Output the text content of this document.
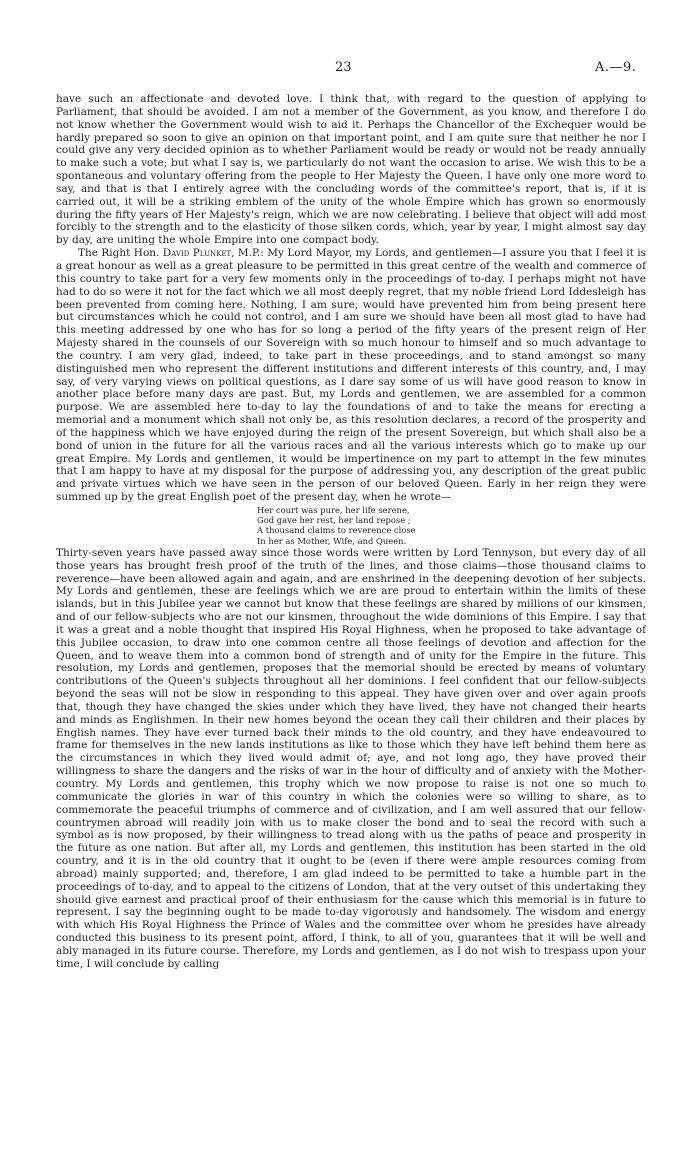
23	A.—9.

have such an affectionate and devoted love. I think that, with regard to the question of applying to Parliament, that should be avoided. I am not a member of the Government, as you know, and therefore I do not know whether the Government would wish to aid it. Perhaps the Chancellor of the Exchequer would be hardly prepared so soon to give an opinion on that important point, and I am quite sure that neither he nor I could give any very decided opinion as to whether Parliament would be ready or would not be ready annually to make such a vote; but what I say is, we particularly do not want the occasion to arise. We wish this to be a spontaneous and voluntary offering from the people to Her Majesty the Queen. I have only one more word to say, and that is that I entirely agree with the concluding words of the committee's report, that is, if it is carried out, it will be a striking emblem of the unity of the whole Empire which has grown so enormously during the fifty years of Her Majesty's reign, which we are now celebrating. I believe that object will add most forcibly to the strength and to the elasticity of those silken cords, which, year by year, I might almost say day by day, are uniting the whole Empire into one compact body.

The Right Hon. David Plunket, M.P.: My Lord Mayor, my Lords, and gentlemen—I assure you that I feel it is a great honour as well as a great pleasure to be permitted in this great centre of the wealth and commerce of this country to take part for a very few moments only in the proceedings of to-day. I perhaps might not have had to do so were it not for the fact which we all most deeply regret, that my noble friend Lord Iddesleigh has been prevented from coming here. Nothing, I am sure, would have prevented him from being present here but circumstances which he could not control, and I am sure we should have been all most glad to have had this meeting addressed by one who has for so long a period of the fifty years of the present reign of Her Majesty shared in the counsels of our Sovereign with so much honour to himself and so much advantage to the country. I am very glad, indeed, to take part in these proceedings, and to stand amongst so many distinguished men who represent the different institutions and different interests of this country, and, I may say, of very varying views on political questions, as I dare say some of us will have good reason to know in another place before many days are past. But, my Lords and gentlemen, we are assembled for a common purpose. We are assembled here to-day to lay the foundations of and to take the means for erecting a memorial and a monument which shall not only be, as this resolution declares, a record of the prosperity and of the happiness which we have enjoyed during the reign of the present Sovereign, but which shall also be a bond of union in the future for all the various races and all the various interests which go to make up our great Empire. My Lords and gentlemen, it would be impertinence on my part to attempt in the few minutes that I am happy to have at my disposal for the purpose of addressing you, any description of the great public and private virtues which we have seen in the person of our beloved Queen. Early in her reign they were summed up by the great English poet of the present day, when he wrote—

Her court was pure, her life serene,
God gave her rest, her land repose ;
A thousand claims to reverence close
In her as Mother, Wife, and Queen.

Thirty-seven years have passed away since those words were written by Lord Tennyson, but every day of all those years has brought fresh proof of the truth of the lines, and those claims—those thousand claims to reverence—have been allowed again and again, and are enshrined in the deepening devotion of her subjects. My Lords and gentlemen, these are feelings which we are are proud to entertain within the limits of these islands, but in this Jubilee year we cannot but know that these feelings are shared by millions of our kinsmen, and of our fellow-subjects who are not our kinsmen, throughout the wide dominions of this Empire. I say that it was a great and a noble thought that inspired His Royal Highness, when he proposed to take advantage of this Jubilee occasion, to draw into one common centre all those feelings of devotion and affection for the Queen, and to weave them into a common bond of strength and of unity for the Empire in the future. This resolution, my Lords and gentlemen, proposes that the memorial should be erected by means of voluntary contributions of the Queen's subjects throughout all her dominions. I feel confident that our fellow-subjects beyond the seas will not be slow in responding to this appeal. They have given over and over again proofs that, though they have changed the skies under which they have lived, they have not changed their hearts and minds as Englishmen. In their new homes beyond the ocean they call their children and their places by English names. They have ever turned back their minds to the old country, and they have endeavoured to frame for themselves in the new lands institutions as like to those which they have left behind them here as the circumstances in which they lived would admit of; aye, and not long ago, they have proved their willingness to share the dangers and the risks of war in the hour of difficulty and of anxiety with the Mother-country. My Lords and gentlemen, this trophy which we now propose to raise is not one so much to communicate the glories in war of this country in which the colonies were so willing to share, as to commemorate the peaceful triumphs of commerce and of civilization, and I am well assured that our fellow-countrymen abroad will readily join with us to make closer the bond and to seal the record with such a symbol as is now proposed, by their willingness to tread along with us the paths of peace and prosperity in the future as one nation. But after all, my Lords and gentlemen, this institution has been started in the old country, and it is in the old country that it ought to be (even if there were ample resources coming from abroad) mainly supported; and, therefore, I am glad indeed to be permitted to take a humble part in the proceedings of to-day, and to appeal to the citizens of London, that at the very outset of this undertaking they should give earnest and practical proof of their enthusiasm for the cause which this memorial is in future to represent. I say the beginning ought to be made to-day vigorously and handsomely. The wisdom and energy with which His Royal Highness the Prince of Wales and the committee over whom he presides have already conducted this business to its present point, afford, I think, to all of you, guarantees that it will be well and ably managed in its future course. Therefore, my Lords and gentlemen, as I do not wish to trespass upon your time, I will conclude by calling
